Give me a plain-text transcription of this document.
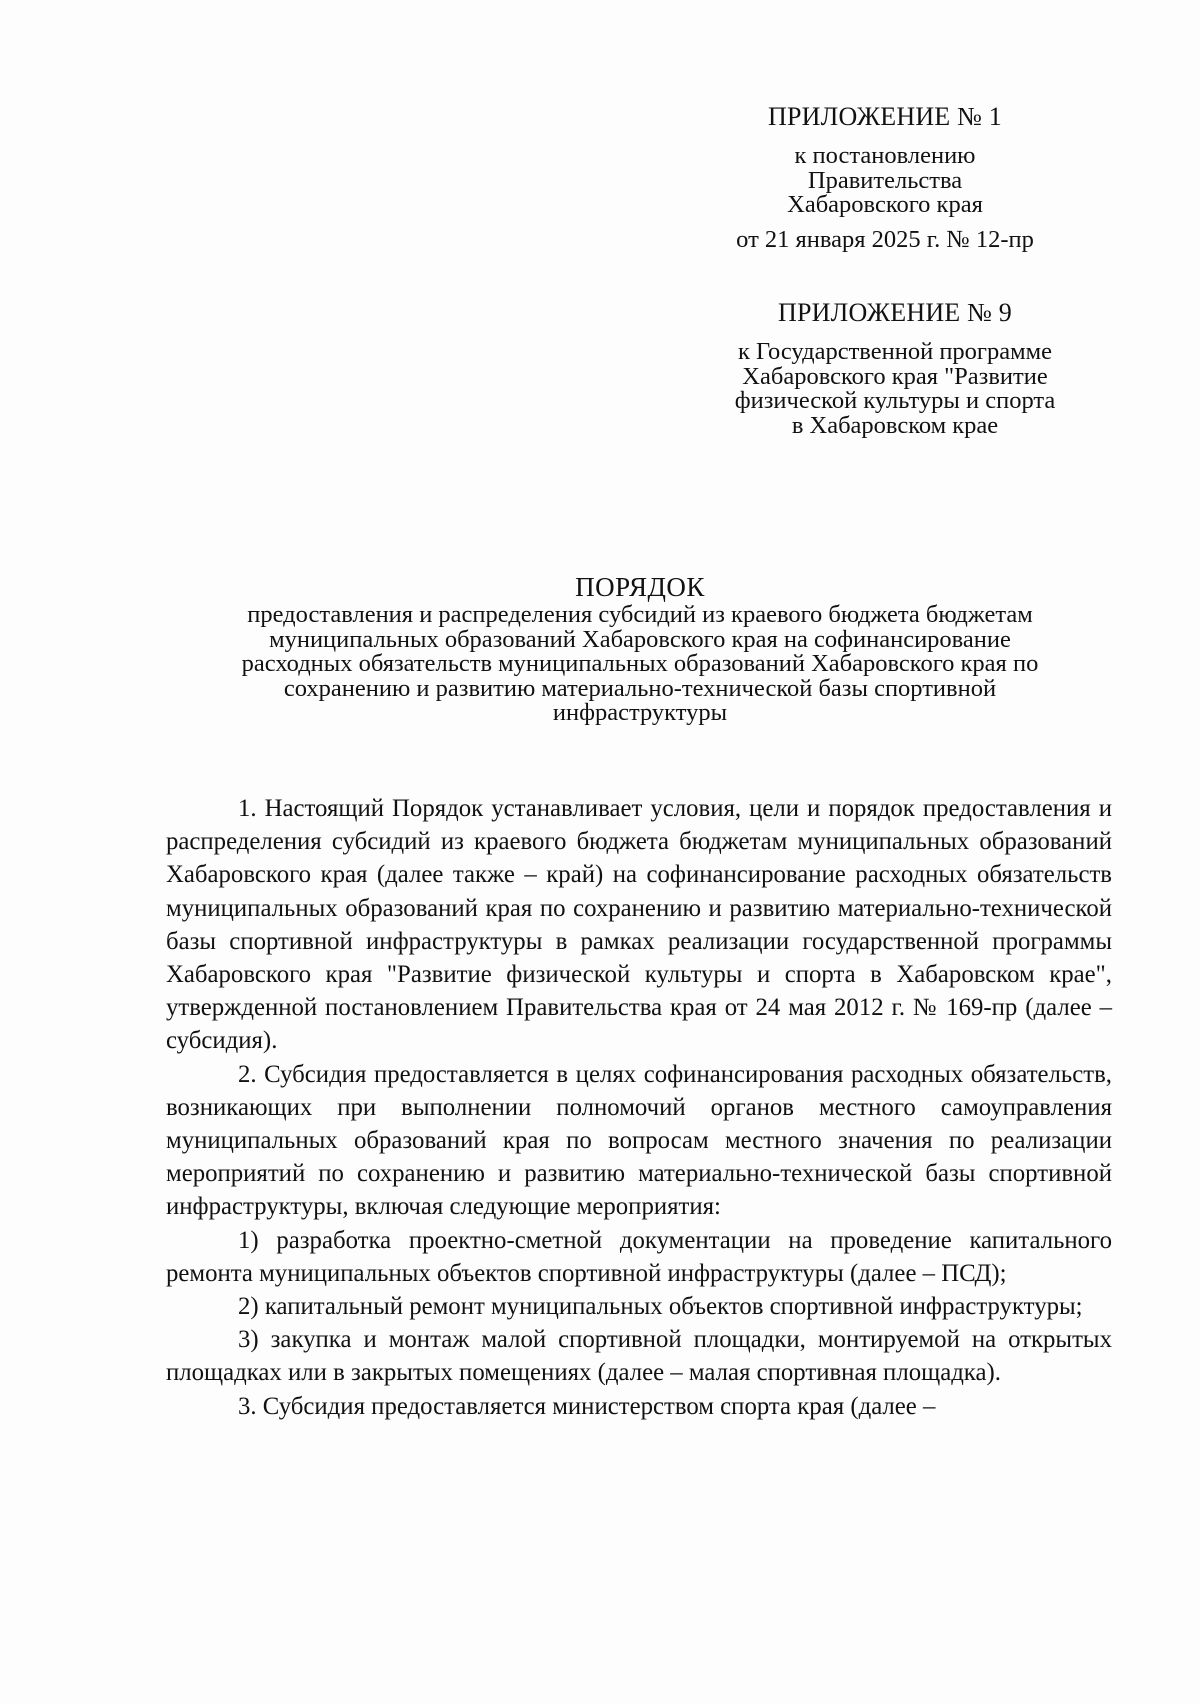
ПРИЛОЖЕНИЕ № 1
к постановлению
Правительства
Хабаровского края
от 21 января 2025 г. № 12-пр
ПРИЛОЖЕНИЕ № 9
к Государственной программе
Хабаровского края "Развитие
физической культуры и спорта
в Хабаровском крае
ПОРЯДОК
предоставления и распределения субсидий из краевого бюджета бюджетам
муниципальных образований Хабаровского края на софинансирование
расходных обязательств муниципальных образований Хабаровского края по
сохранению и развитию материально-технической базы спортивной
инфраструктуры

1. Настоящий Порядок устанавливает условия, цели и порядок предоставления и распределения субсидий из краевого бюджета бюджетам муниципальных образований Хабаровского края (далее также – край) на софинансирование расходных обязательств муниципальных образований края по сохранению и развитию материально-технической базы спортивной инфраструктуры в рамках реализации государственной программы Хабаровского края "Развитие физической культуры и спорта в Хабаровском крае", утвержденной постановлением Правительства края от 24 мая 2012 г. № 169-пр (далее – субсидия).

2. Субсидия предоставляется в целях софинансирования расходных обязательств, возникающих при выполнении полномочий органов местного самоуправления муниципальных образований края по вопросам местного значения по реализации мероприятий по сохранению и развитию материально-технической базы спортивной инфраструктуры, включая следующие мероприятия:

1) разработка проектно-сметной документации на проведение капитального ремонта муниципальных объектов спортивной инфраструктуры (далее – ПСД);

2) капитальный ремонт муниципальных объектов спортивной инфраструктуры;

3) закупка и монтаж малой спортивной площадки, монтируемой на открытых площадках или в закрытых помещениях (далее – малая спортивная площадка).

3. Субсидия предоставляется министерством спорта края (далее –
